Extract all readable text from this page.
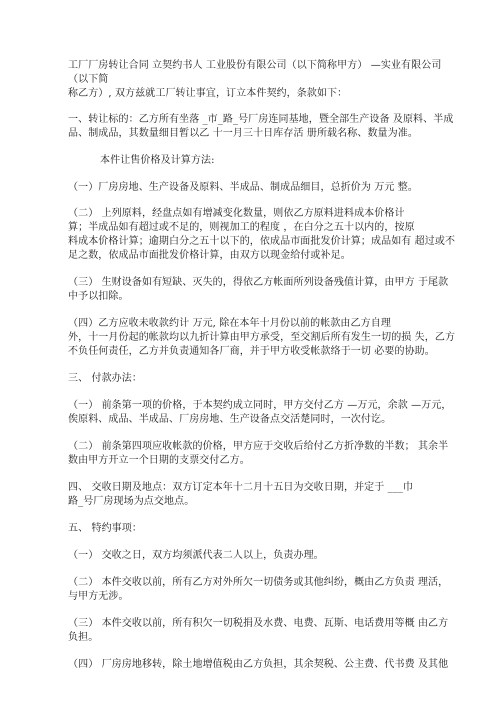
工厂厂房转让合同 立契约书人 工业股份有限公司（以下简称甲方） —实业有限公司
（以下简
称乙方）, 双方兹就工厂转让事宜，订立本件契约，条款如下：
一、转让标的：乙方所有坐落 _市_路_号厂房连同基地，暨全部生产设备 及原料、半成
品、制成品，其数量细目暂以乙 十一月三十日库存活 册所载名称、数量为准。
本件让售价格及计算方法:
（一）厂房房地、生产设备及原料、半成品、制成品细目，总折价为 万元 整。
（二） 上列原料，经盘点如有增减变化数量，则依乙方原料进料成本价格计
算；半成品如有超过或不足的，则视加工的程度 ，在白分之五十以内的，按原
料成本价格计算；逾期白分之五十以下的，依成品市面批发价计算；成品如有 超过或不
足之数，依成品市面批发价格计算，由双方以现金给付或补足。
（三） 生财设备如有短缺、灭失的，得依乙方帐面所列设备残值计算，由甲方 于尾款
中予以扣除。
（四）乙方应收未收款约计 万元, 除在本年十月份以前的帐款由乙方自理
外，十一月份起的帐款均以九折计算由甲方承受，至交割后所有发生一切的损 失，乙方
不负任何责任，乙方并负责通知各厂商，并于甲方收受帐款络于一切 必要的协助。
三、 付款办法：
（一） 前条第一项的价格，于本契约成立同时，甲方交付乙方 —万元，余款 —万元，
俟原料、成品、半成品、厂房房地、生产设备点交活楚同时，一次付讫。
（二） 前条第四项应收帐款的价格，甲方应于交收后给付乙方折净数的半数； 其余半
数由甲方开立一个日期的支票交付乙方。
四、 交收日期及地点：双方订定本年十二月十五日为交收日期，并定于 ___巾
路_号厂房现场为点交地点。
五、 特约事项：
（一） 交收之日，双方均须派代表二人以上，负责办理。
（二） 本件交收以前，所有乙方对外所欠一切债务或其他纠纷，概由乙方负责 理活，
与甲方无涉。
（三） 本件交收以前，所有积欠一切税捐及水费、电费、瓦斯、电话费用等概 由乙方
负担。
（四） 厂房房地移转，除土地增值税由乙方负担，其余契税、公主费、代书费 及其他
